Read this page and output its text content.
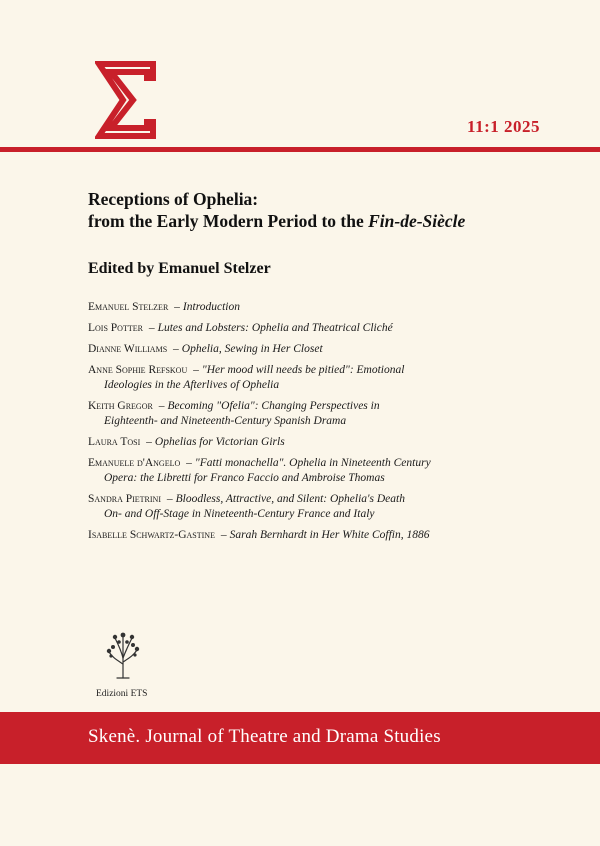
11:1 2025
Receptions of Ophelia:
from the Early Modern Period to the Fin-de-Siècle
Edited by Emanuel Stelzer
Emanuel Stelzer – Introduction
Lois Potter – Lutes and Lobsters: Ophelia and Theatrical Cliché
Dianne Williams – Ophelia, Sewing in Her Closet
Anne Sophie Refskou – "Her mood will needs be pitied": Emotional
Ideologies in the Afterlives of Ophelia
Keith Gregor – Becoming "Ofelia": Changing Perspectives in
Eighteenth- and Nineteenth-Century Spanish Drama
Laura Tosi – Ophelias for Victorian Girls
Emanuele d'Angelo – "Fatti monachella". Ophelia in Nineteenth Century
Opera: the Libretti for Franco Faccio and Ambroise Thomas
Sandra Pietrini – Bloodless, Attractive, and Silent: Ophelia's Death
On- and Off-Stage in Nineteenth-Century France and Italy
Isabelle Schwartz-Gastine – Sarah Bernhardt in Her White Coffin, 1886
Edizioni ETS
Skenè. Journal of Theatre and Drama Studies
